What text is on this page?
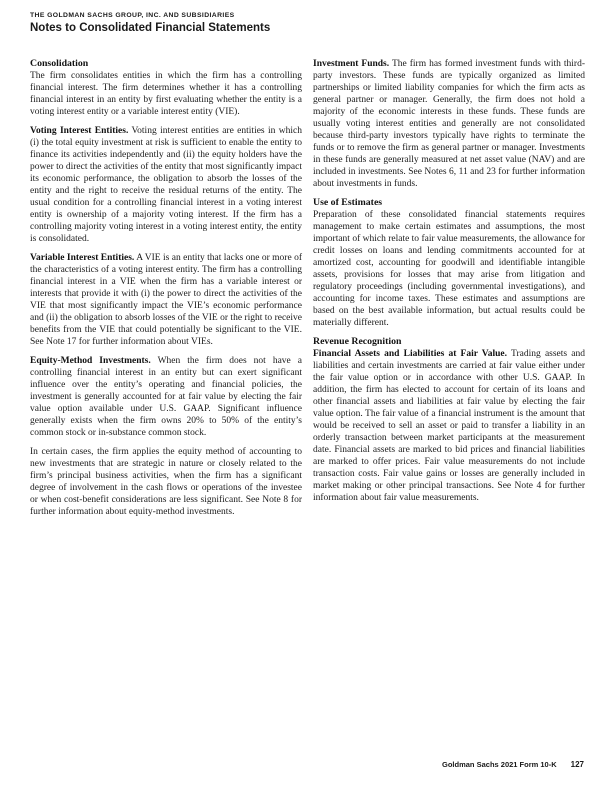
THE GOLDMAN SACHS GROUP, INC. AND SUBSIDIARIES
Notes to Consolidated Financial Statements
Consolidation

The firm consolidates entities in which the firm has a controlling financial interest. The firm determines whether it has a controlling financial interest in an entity by first evaluating whether the entity is a voting interest entity or a variable interest entity (VIE).

Voting Interest Entities. Voting interest entities are entities in which (i) the total equity investment at risk is sufficient to enable the entity to finance its activities independently and (ii) the equity holders have the power to direct the activities of the entity that most significantly impact its economic performance, the obligation to absorb the losses of the entity and the right to receive the residual returns of the entity. The usual condition for a controlling financial interest in a voting interest entity is ownership of a majority voting interest. If the firm has a controlling majority voting interest in a voting interest entity, the entity is consolidated.

Variable Interest Entities. A VIE is an entity that lacks one or more of the characteristics of a voting interest entity. The firm has a controlling financial interest in a VIE when the firm has a variable interest or interests that provide it with (i) the power to direct the activities of the VIE that most significantly impact the VIE’s economic performance and (ii) the obligation to absorb losses of the VIE or the right to receive benefits from the VIE that could potentially be significant to the VIE. See Note 17 for further information about VIEs.

Equity-Method Investments. When the firm does not have a controlling financial interest in an entity but can exert significant influence over the entity’s operating and financial policies, the investment is generally accounted for at fair value by electing the fair value option available under U.S. GAAP. Significant influence generally exists when the firm owns 20% to 50% of the entity’s common stock or in-substance common stock.

In certain cases, the firm applies the equity method of accounting to new investments that are strategic in nature or closely related to the firm’s principal business activities, when the firm has a significant degree of involvement in the cash flows or operations of the investee or when cost-benefit considerations are less significant. See Note 8 for further information about equity-method investments.

Investment Funds. The firm has formed investment funds with third-party investors. These funds are typically organized as limited partnerships or limited liability companies for which the firm acts as general partner or manager. Generally, the firm does not hold a majority of the economic interests in these funds. These funds are usually voting interest entities and generally are not consolidated because third-party investors typically have rights to terminate the funds or to remove the firm as general partner or manager. Investments in these funds are generally measured at net asset value (NAV) and are included in investments. See Notes 6, 11 and 23 for further information about investments in funds.

Use of Estimates

Preparation of these consolidated financial statements requires management to make certain estimates and assumptions, the most important of which relate to fair value measurements, the allowance for credit losses on loans and lending commitments accounted for at amortized cost, accounting for goodwill and identifiable intangible assets, provisions for losses that may arise from litigation and regulatory proceedings (including governmental investigations), and accounting for income taxes. These estimates and assumptions are based on the best available information, but actual results could be materially different.

Revenue Recognition

Financial Assets and Liabilities at Fair Value. Trading assets and liabilities and certain investments are carried at fair value either under the fair value option or in accordance with other U.S. GAAP. In addition, the firm has elected to account for certain of its loans and other financial assets and liabilities at fair value by electing the fair value option. The fair value of a financial instrument is the amount that would be received to sell an asset or paid to transfer a liability in an orderly transaction between market participants at the measurement date. Financial assets are marked to bid prices and financial liabilities are marked to offer prices. Fair value measurements do not include transaction costs. Fair value gains or losses are generally included in market making or other principal transactions. See Note 4 for further information about fair value measurements.

Goldman Sachs 2021 Form 10-K 127
